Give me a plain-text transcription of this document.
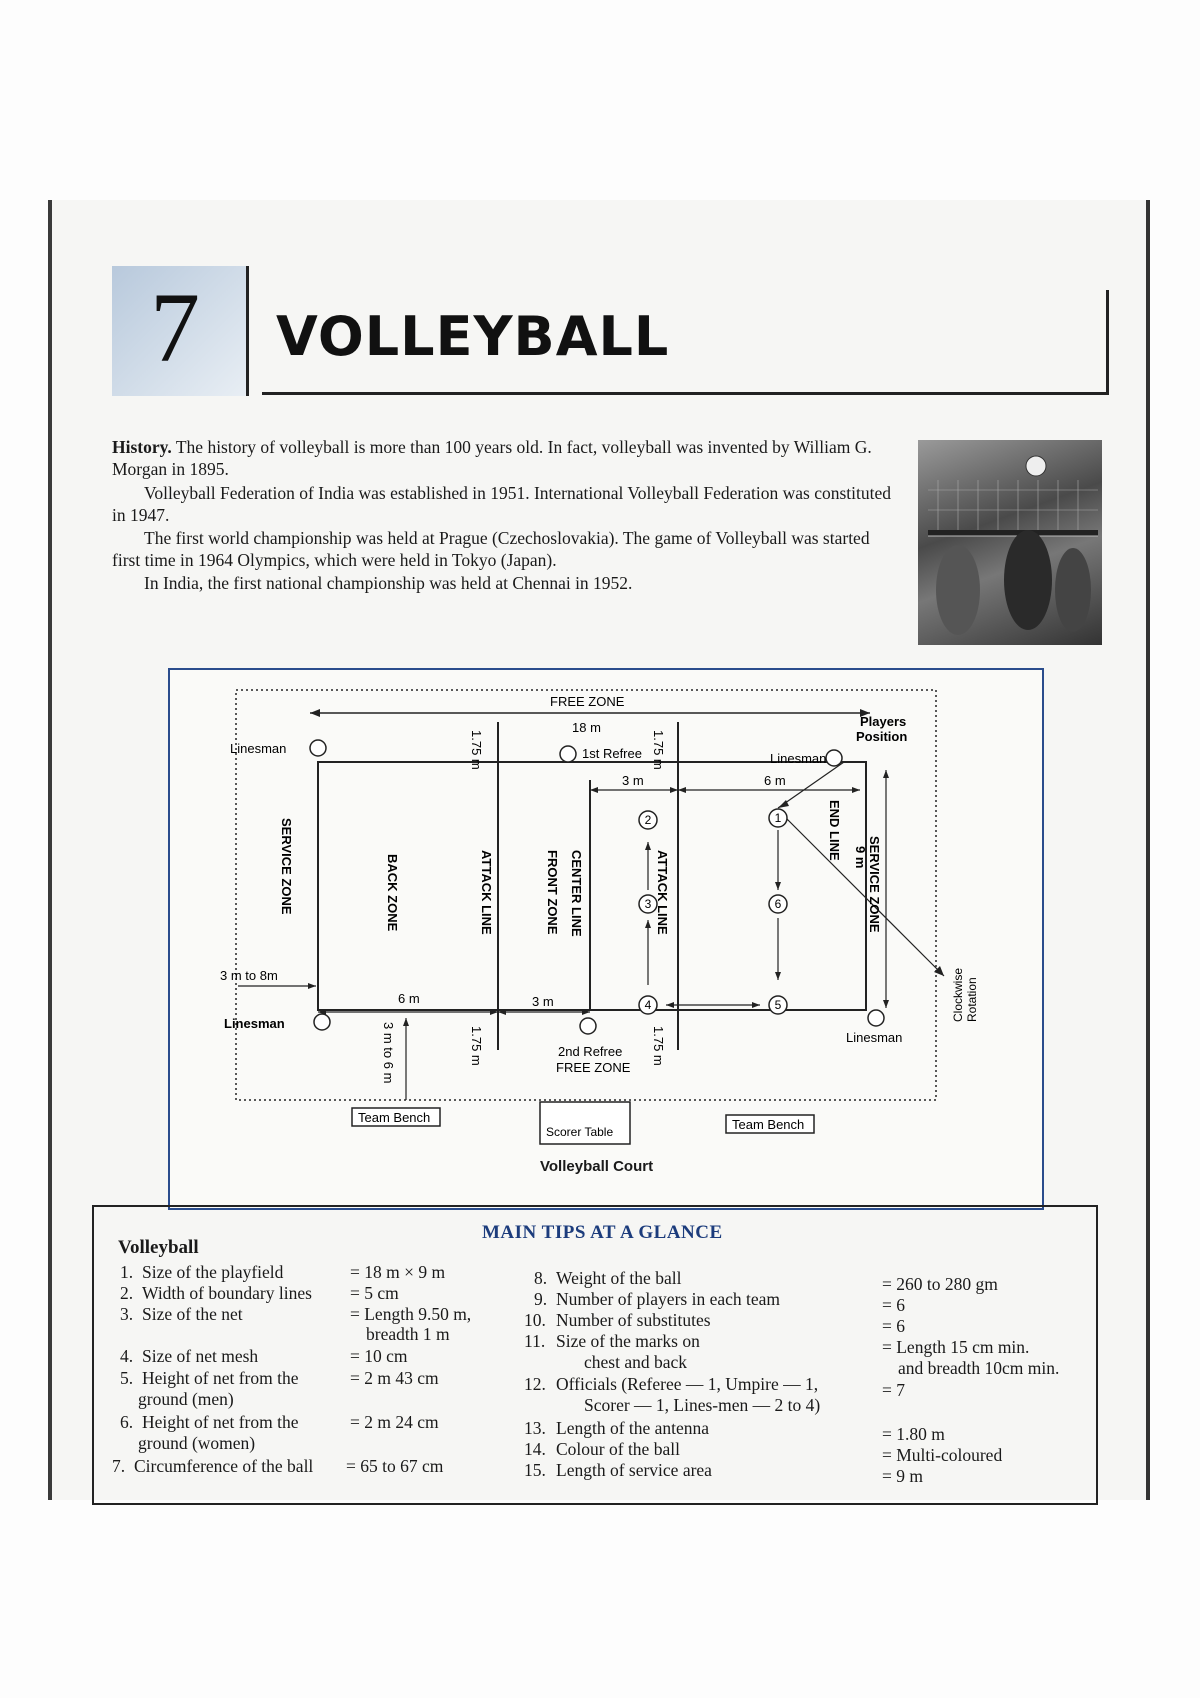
7 VOLLEYBALL
History. The history of volleyball is more than 100 years old. In fact, volleyball was invented by William G. Morgan in 1895.
Volleyball Federation of India was established in 1951. International Volleyball Federation was constituted in 1947.
The first world championship was held at Prague (Czechoslovakia). The game of Volleyball was started first time in 1964 Olympics, which were held in Tokyo (Japan).
In India, the first national championship was held at Chennai in 1952.
1
2
3
4	5
6
FREE ZONE
Players
Position
18 m
1st Refree
Linesman
Linesman
Linesman
Linesman
3 m	6 m
6 m	3 m
3 m to 8m
2nd Refree
FREE ZONE
SERVICE ZONE	BACK ZONE	ATTACK LINE	FRONT ZONE CENTER LINE	ATTACK LINE
END LINE
SERVICE ZONE
9 m
1.75 m	1.75 m
1.75 m	1.75 m
3 m to 6 m
Clockwise Rotation
Team Bench	Team Bench
Scorer Table
Volleyball Court
MAIN TIPS AT A GLANCE
Volleyball
1. Size of the playfield	= 18 m × 9 m
2. Width of boundary lines = 5 cm
3. Size of the net	= Length 9.50 m,
breadth 1 m
4. Size of net mesh	= 10 cm
5. Height of net from the
ground (men)
= 2 m 43 cm
6. Height of net from the
ground (women)
= 2 m 24 cm
7. Circumference of the ball = 65 to 67 cm
8. Weight of the ball	= 260 to 280 gm
9. Number of players in each team	= 6
10. Number of substitutes	= 6
11. Size of the marks on
chest and back
= Length 15 cm min.
and breadth 10cm min.
12. Officials (Referee — 1, Umpire — 1,
Scorer — 1, Lines-men — 2 to 4)
= 7
13. Length of the antenna	= 1.80 m
14. Colour of the ball	= Multi-coloured
15. Length of service area	= 9 m
